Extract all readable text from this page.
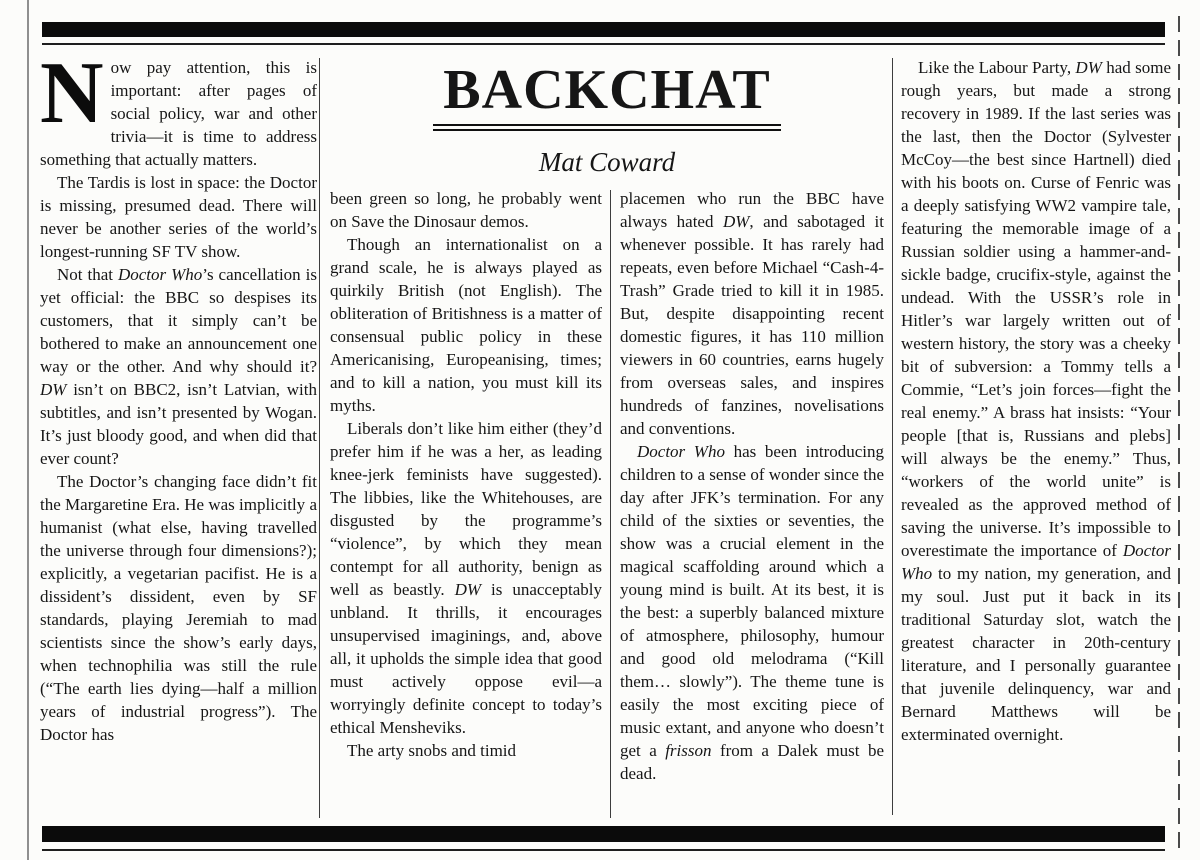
BACKCHAT
Mat Coward

Now pay attention, this is important: after pages of social policy, war and other trivia—it is time to address something that actually matters.

The Tardis is lost in space: the Doctor is missing, presumed dead. There will never be another series of the world’s longest-running SF TV show.

Not that Doctor Who’s cancellation is yet official: the BBC so despises its customers, that it simply can’t be bothered to make an announcement one way or the other. And why should it? DW isn’t on BBC2, isn’t Latvian, with subtitles, and isn’t presented by Wogan. It’s just bloody good, and when did that ever count?

The Doctor’s changing face didn’t fit the Margaretine Era. He was implicitly a humanist (what else, having travelled the universe through four dimensions?); explicitly, a vegetarian pacifist. He is a dissident’s dissident, even by SF standards, playing Jeremiah to mad scientists since the show’s early days, when technophilia was still the rule (“The earth lies dying—half a million years of industrial progress”). The Doctor has

been green so long, he probably went on Save the Dinosaur demos.

Though an internationalist on a grand scale, he is always played as quirkily British (not English). The obliteration of Britishness is a matter of consensual public policy in these Americanising, Europeanising, times; and to kill a nation, you must kill its myths.

Liberals don’t like him either (they’d prefer him if he was a her, as leading knee-jerk feminists have suggested). The libbies, like the Whitehouses, are disgusted by the programme’s “violence”, by which they mean contempt for all authority, benign as well as beastly. DW is unacceptably unbland. It thrills, it encourages unsupervised imaginings, and, above all, it upholds the simple idea that good must actively oppose evil—a worryingly definite concept to today’s ethical Mensheviks.

The arty snobs and timid

placemen who run the BBC have always hated DW, and sabotaged it whenever possible. It has rarely had repeats, even before Michael “Cash-4-Trash” Grade tried to kill it in 1985. But, despite disappointing recent domestic figures, it has 110 million viewers in 60 countries, earns hugely from overseas sales, and inspires hundreds of fanzines, novelisations and conventions.

Doctor Who has been introducing children to a sense of wonder since the day after JFK’s termination. For any child of the sixties or seventies, the show was a crucial element in the magical scaffolding around which a young mind is built. At its best, it is the best: a superbly balanced mixture of atmosphere, philosophy, humour and good old melodrama (“Kill them… slowly”). The theme tune is easily the most exciting piece of music extant, and anyone who doesn’t get a frisson from a Dalek must be dead.

Like the Labour Party, DW had some rough years, but made a strong recovery in 1989. If the last series was the last, then the Doctor (Sylvester McCoy—the best since Hartnell) died with his boots on. Curse of Fenric was a deeply satisfying WW2 vampire tale, featuring the memorable image of a Russian soldier using a hammer-and-sickle badge, crucifix-style, against the undead. With the USSR’s role in Hitler’s war largely written out of western history, the story was a cheeky bit of subversion: a Tommy tells a Commie, “Let’s join forces—fight the real enemy.” A brass hat insists: “Your people [that is, Russians and plebs] will always be the enemy.” Thus, “workers of the world unite” is revealed as the approved method of saving the universe. It’s impossible to overestimate the importance of Doctor Who to my nation, my generation, and my soul. Just put it back in its traditional Saturday slot, watch the greatest character in 20th-century literature, and I personally guarantee that juvenile delinquency, war and Bernard Matthews will be exterminated overnight.
